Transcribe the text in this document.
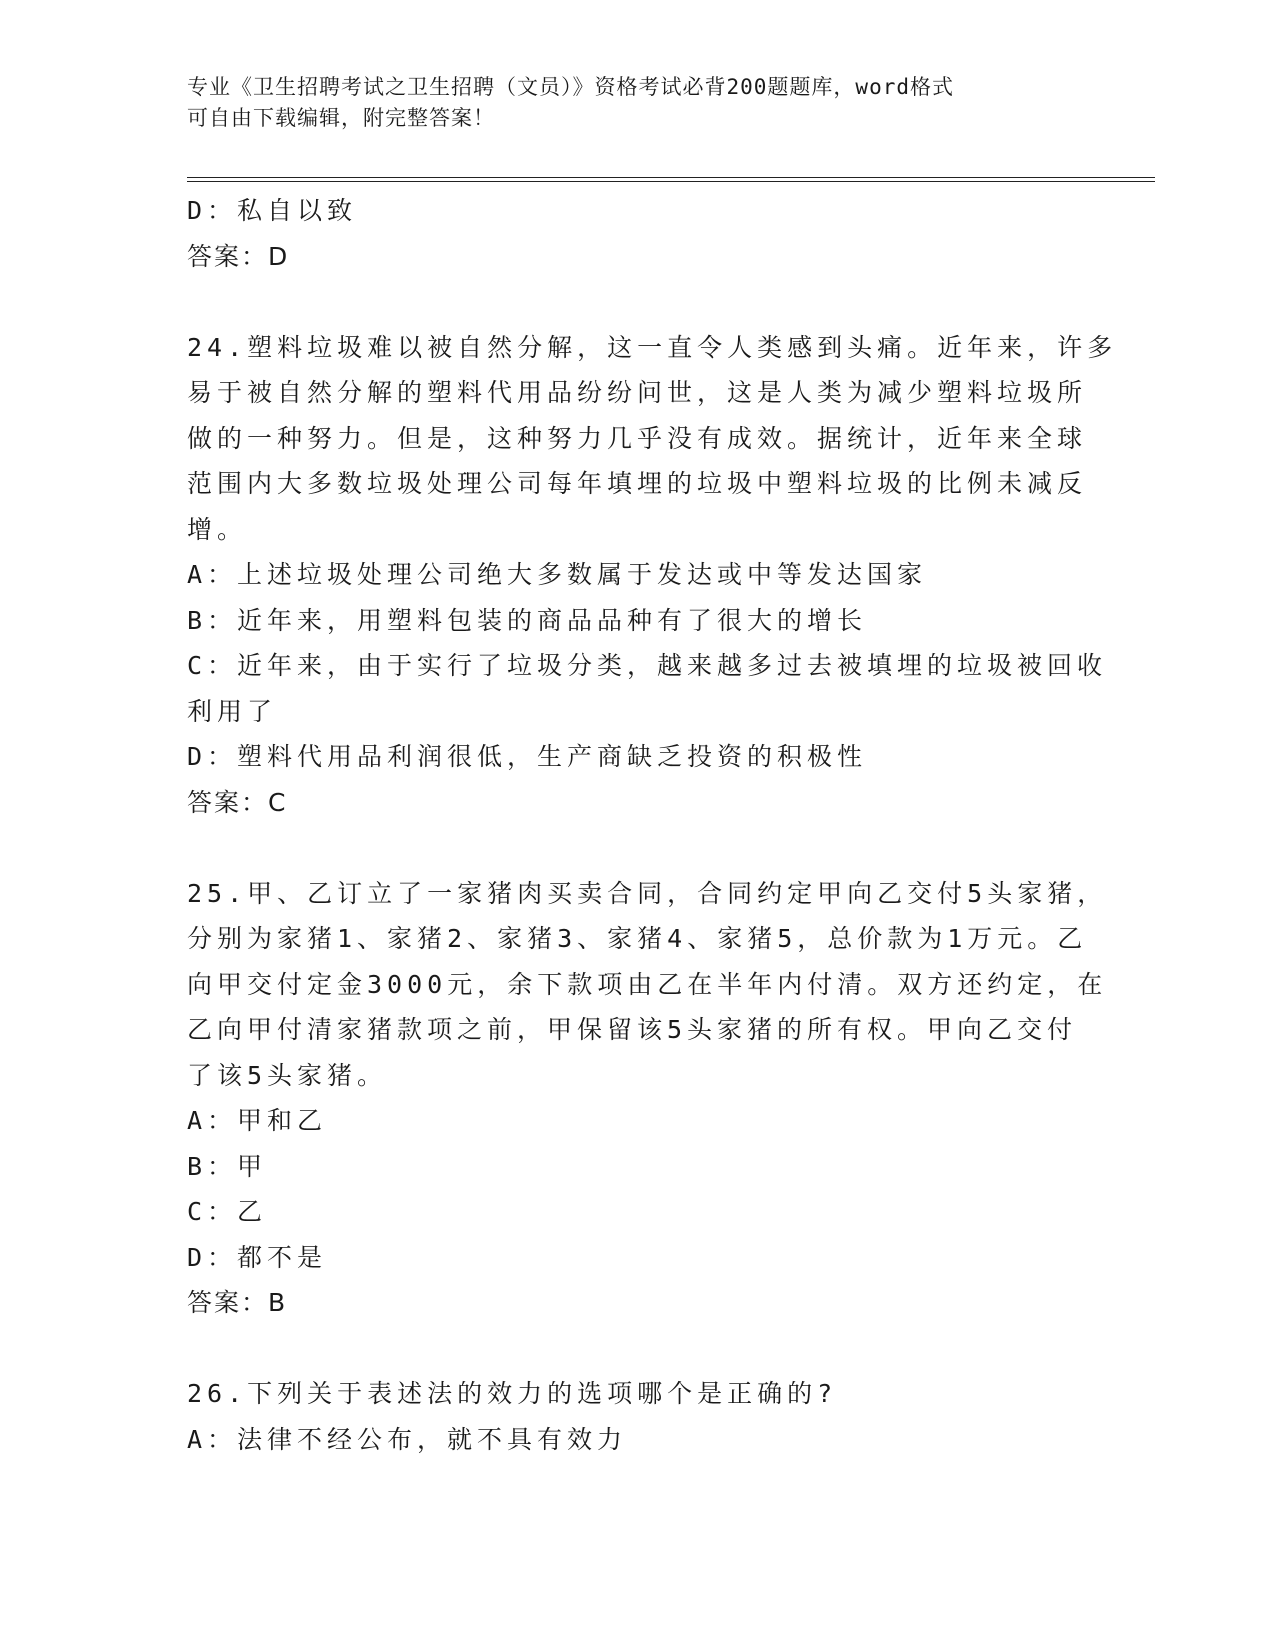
专业《卫生招聘考试之卫生招聘（文员）》资格考试必背200题题库，word格式
可自由下载编辑，附完整答案！
D：私自以致
答案：D
24.塑料垃圾难以被自然分解，这一直令人类感到头痛。近年来，许多
易于被自然分解的塑料代用品纷纷问世，这是人类为减少塑料垃圾所
做的一种努力。但是，这种努力几乎没有成效。据统计，近年来全球
范围内大多数垃圾处理公司每年填埋的垃圾中塑料垃圾的比例未减反
增。
A：上述垃圾处理公司绝大多数属于发达或中等发达国家
B：近年来，用塑料包装的商品品种有了很大的增长
C：近年来，由于实行了垃圾分类，越来越多过去被填埋的垃圾被回收
利用了
D：塑料代用品利润很低，生产商缺乏投资的积极性
答案：C
25.甲、乙订立了一家猪肉买卖合同，合同约定甲向乙交付5头家猪，
分别为家猪1、家猪2、家猪3、家猪4、家猪5，总价款为1万元。乙
向甲交付定金3000元，余下款项由乙在半年内付清。双方还约定，在
乙向甲付清家猪款项之前，甲保留该5头家猪的所有权。甲向乙交付
了该5头家猪。
A：甲和乙
B：甲
C：乙
D：都不是
答案：B
26.下列关于表述法的效力的选项哪个是正确的?
A：法律不经公布，就不具有效力
